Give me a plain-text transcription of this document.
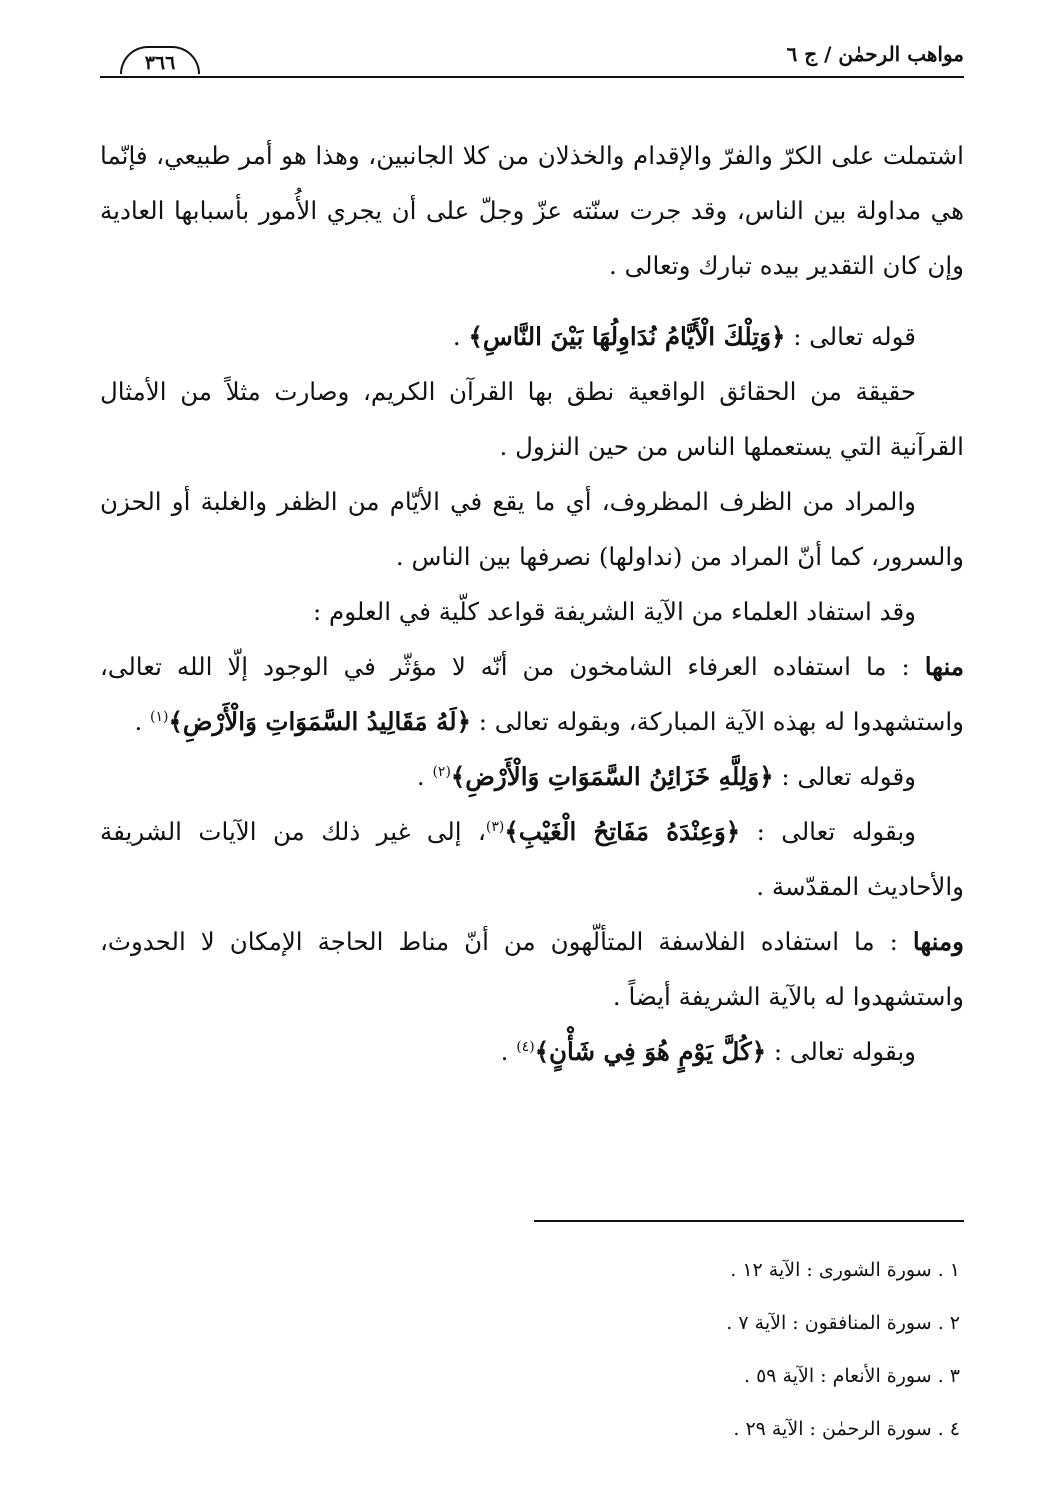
مواهب الرحمٰن / ج ٦
٣٦٦

اشتملت على الكرّ والفرّ والإقدام والخذلان من كلا الجانبين، وهذا هو أمر طبيعي، فإنّما هي مداولة بين الناس، وقد جرت سنّته عزّ وجلّ على أن يجري الأُمور بأسبابها العادية وإن كان التقدير بيده تبارك وتعالى .

قوله تعالى : ﴿وَتِلْكَ الْأَيَّامُ نُدَاوِلُهَا بَيْنَ النَّاسِ﴾ .

حقيقة من الحقائق الواقعية نطق بها القرآن الكريم، وصارت مثلاً من الأمثال القرآنية التي يستعملها الناس من حين النزول .

والمراد من الظرف المظروف، أي ما يقع في الأيّام من الظفر والغلبة أو الحزن والسرور، كما أنّ المراد من (نداولها) نصرفها بين الناس .

وقد استفاد العلماء من الآية الشريفة قواعد كلّية في العلوم :

منها : ما استفاده العرفاء الشامخون من أنّه لا مؤثّر في الوجود إلّا الله تعالى، واستشهدوا له بهذه الآية المباركة، وبقوله تعالى : ﴿لَهُ مَقَالِيدُ السَّمَوَاتِ وَالْأَرْضِ﴾$^{(١)}$ .

وقوله تعالى : ﴿وَلِلَّهِ خَزَائِنُ السَّمَوَاتِ وَالْأَرْضِ﴾$^{(٢)}$ .

وبقوله تعالى : ﴿وَعِنْدَهُ مَفَاتِحُ الْغَيْبِ﴾$^{(٣)}$، إلى غير ذلك من الآيات الشريفة والأحاديث المقدّسة .

ومنها : ما استفاده الفلاسفة المتألّهون من أنّ مناط الحاجة الإمكان لا الحدوث، واستشهدوا له بالآية الشريفة أيضاً .

وبقوله تعالى : ﴿كُلَّ يَوْمٍ هُوَ فِي شَأْنٍ﴾$^{(٤)}$ .

١ . سورة الشورى : الآية ١٢ .
٢ . سورة المنافقون : الآية ٧ .
٣ . سورة الأنعام : الآية ٥٩ .
٤ . سورة الرحمٰن : الآية ٢٩ .
